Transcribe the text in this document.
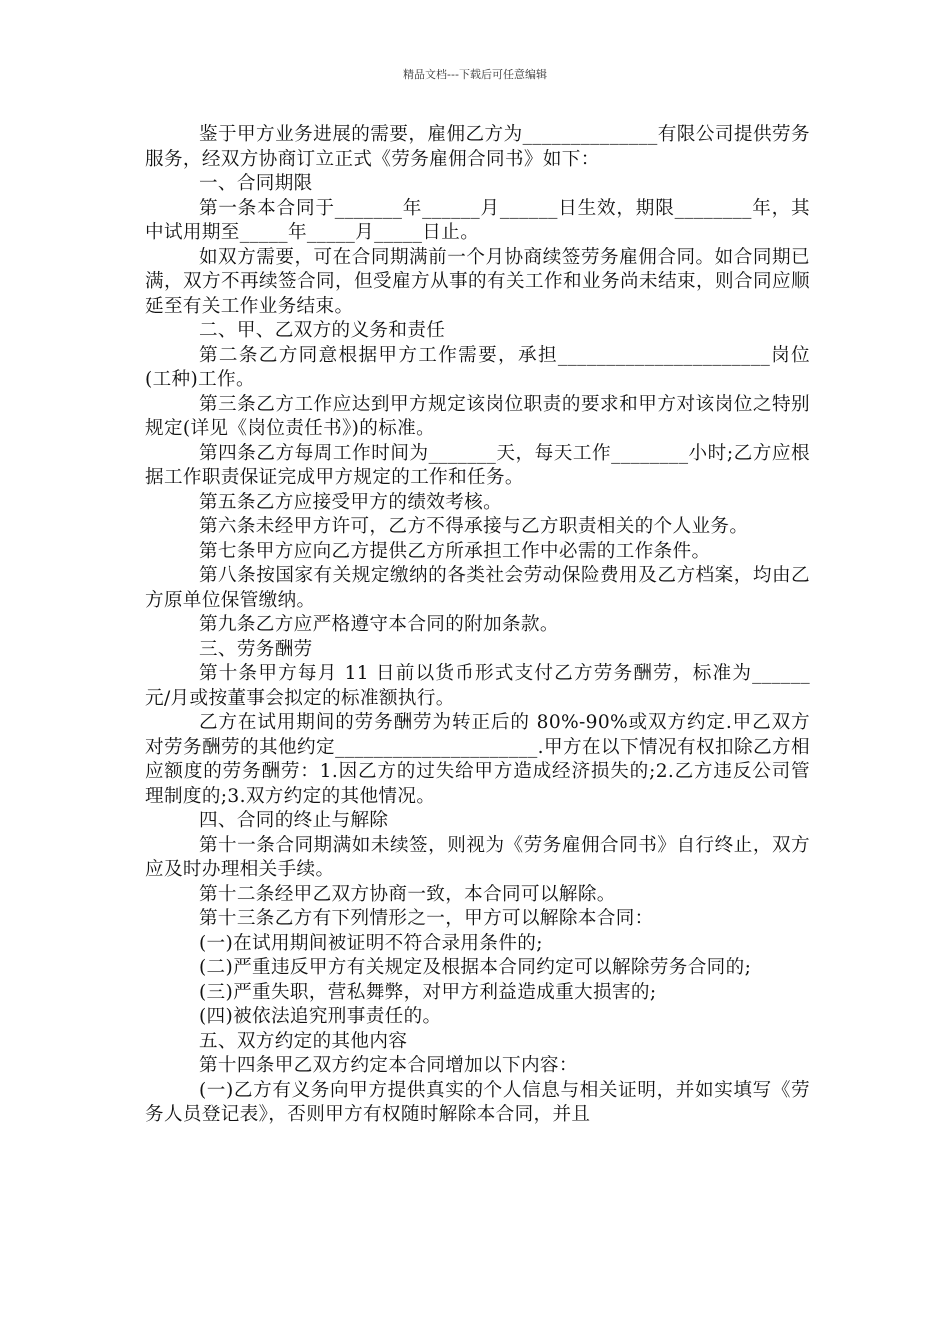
精品文档---下载后可任意编辑

鉴于甲方业务进展的需要，雇佣乙方为______________有限公司提供劳务服务，经双方协商订立正式《劳务雇佣合同书》如下：

一、合同期限

第一条本合同于_______年______月______日生效，期限________年，其中试用期至_____年_____月_____日止。

如双方需要，可在合同期满前一个月协商续签劳务雇佣合同。如合同期已满，双方不再续签合同，但受雇方从事的有关工作和业务尚未结束，则合同应顺延至有关工作业务结束。

二、甲、乙双方的义务和责任

第二条乙方同意根据甲方工作需要，承担______________________岗位(工种)工作。

第三条乙方工作应达到甲方规定该岗位职责的要求和甲方对该岗位之特别规定(详见《岗位责任书》)的标准。

第四条乙方每周工作时间为_______天，每天工作________小时;乙方应根据工作职责保证完成甲方规定的工作和任务。

第五条乙方应接受甲方的绩效考核。

第六条未经甲方许可，乙方不得承接与乙方职责相关的个人业务。

第七条甲方应向乙方提供乙方所承担工作中必需的工作条件。

第八条按国家有关规定缴纳的各类社会劳动保险费用及乙方档案，均由乙方原单位保管缴纳。

第九条乙方应严格遵守本合同的附加条款。

三、劳务酬劳

第十条甲方每月 11 日前以货币形式支付乙方劳务酬劳，标准为______元/月或按董事会拟定的标准额执行。

乙方在试用期间的劳务酬劳为转正后的 80%-90%或双方约定.甲乙双方对劳务酬劳的其他约定_____________________.甲方在以下情况有权扣除乙方相应额度的劳务酬劳：1.因乙方的过失给甲方造成经济损失的;2.乙方违反公司管理制度的;3.双方约定的其他情况。

四、合同的终止与解除

第十一条合同期满如未续签，则视为《劳务雇佣合同书》自行终止，双方应及时办理相关手续。

第十二条经甲乙双方协商一致，本合同可以解除。

第十三条乙方有下列情形之一，甲方可以解除本合同：

(一)在试用期间被证明不符合录用条件的;

(二)严重违反甲方有关规定及根据本合同约定可以解除劳务合同的;

(三)严重失职，营私舞弊，对甲方利益造成重大损害的;

(四)被依法追究刑事责任的。

五、双方约定的其他内容

第十四条甲乙双方约定本合同增加以下内容：

(一)乙方有义务向甲方提供真实的个人信息与相关证明，并如实填写《劳务人员登记表》，否则甲方有权随时解除本合同，并且
